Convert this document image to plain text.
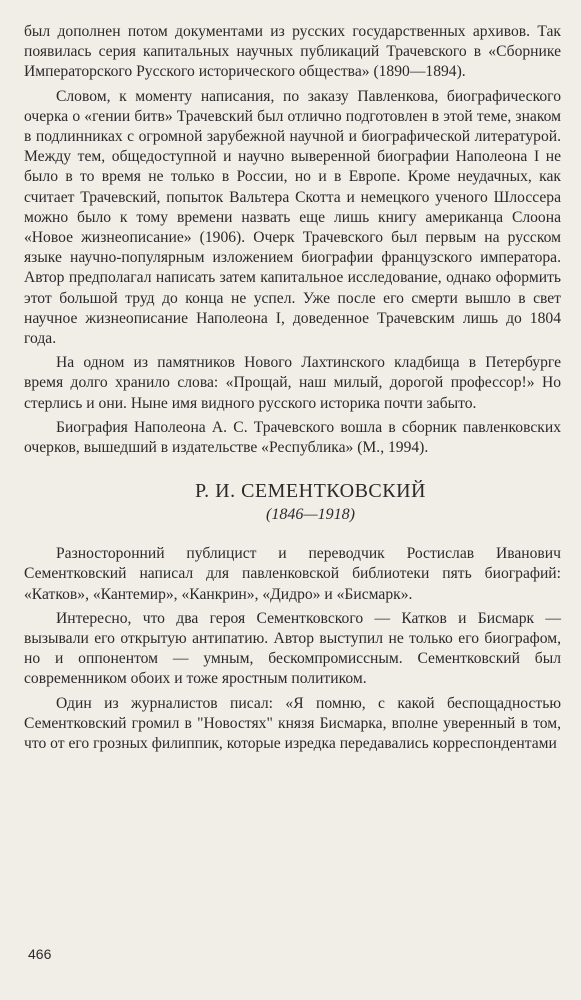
был дополнен потом документами из русских государственных архивов. Так появилась серия капитальных научных публикаций Трачевского в «Сборнике Императорского Русского исторического общества» (1890—1894).

Словом, к моменту написания, по заказу Павленкова, биографического очерка о «гении битв» Трачевский был отлично подготовлен в этой теме, знаком в подлинниках с огромной зарубежной научной и биографической литературой. Между тем, общедоступной и научно выверенной биографии Наполеона I не было в то время не только в России, но и в Европе. Кроме неудачных, как считает Трачевский, попыток Вальтера Скотта и немецкого ученого Шлоссера можно было к тому времени назвать еще лишь книгу американца Слоона «Новое жизнеописание» (1906). Очерк Трачевского был первым на русском языке научно-популярным изложением биографии французского императора. Автор предполагал написать затем капитальное исследование, однако оформить этот большой труд до конца не успел. Уже после его смерти вышло в свет научное жизнеописание Наполеона I, доведенное Трачевским лишь до 1804 года.

На одном из памятников Нового Лахтинского кладбища в Петербурге время долго хранило слова: «Прощай, наш милый, дорогой профессор!» Но стерлись и они. Ныне имя видного русского историка почти забыто.

Биография Наполеона А. С. Трачевского вошла в сборник павленковских очерков, вышедший в издательстве «Республика» (М., 1994).

Р. И. СЕМЕНТКОВСКИЙ
(1846—1918)

Разносторонний публицист и переводчик Ростислав Иванович Сементковский написал для павленковской библиотеки пять биографий: «Катков», «Кантемир», «Канкрин», «Дидро» и «Бисмарк».

Интересно, что два героя Сементковского — Катков и Бисмарк — вызывали его открытую антипатию. Автор выступил не только его биографом, но и оппонентом — умным, бескомпромиссным. Сементковский был современником обоих и тоже яростным политиком.

Один из журналистов писал: «Я помню, с какой беспощадностью Сементковский громил в "Новостях" князя Бисмарка, вполне уверенный в том, что от его грозных филиппик, которые изредка передавались корреспондентами

466
